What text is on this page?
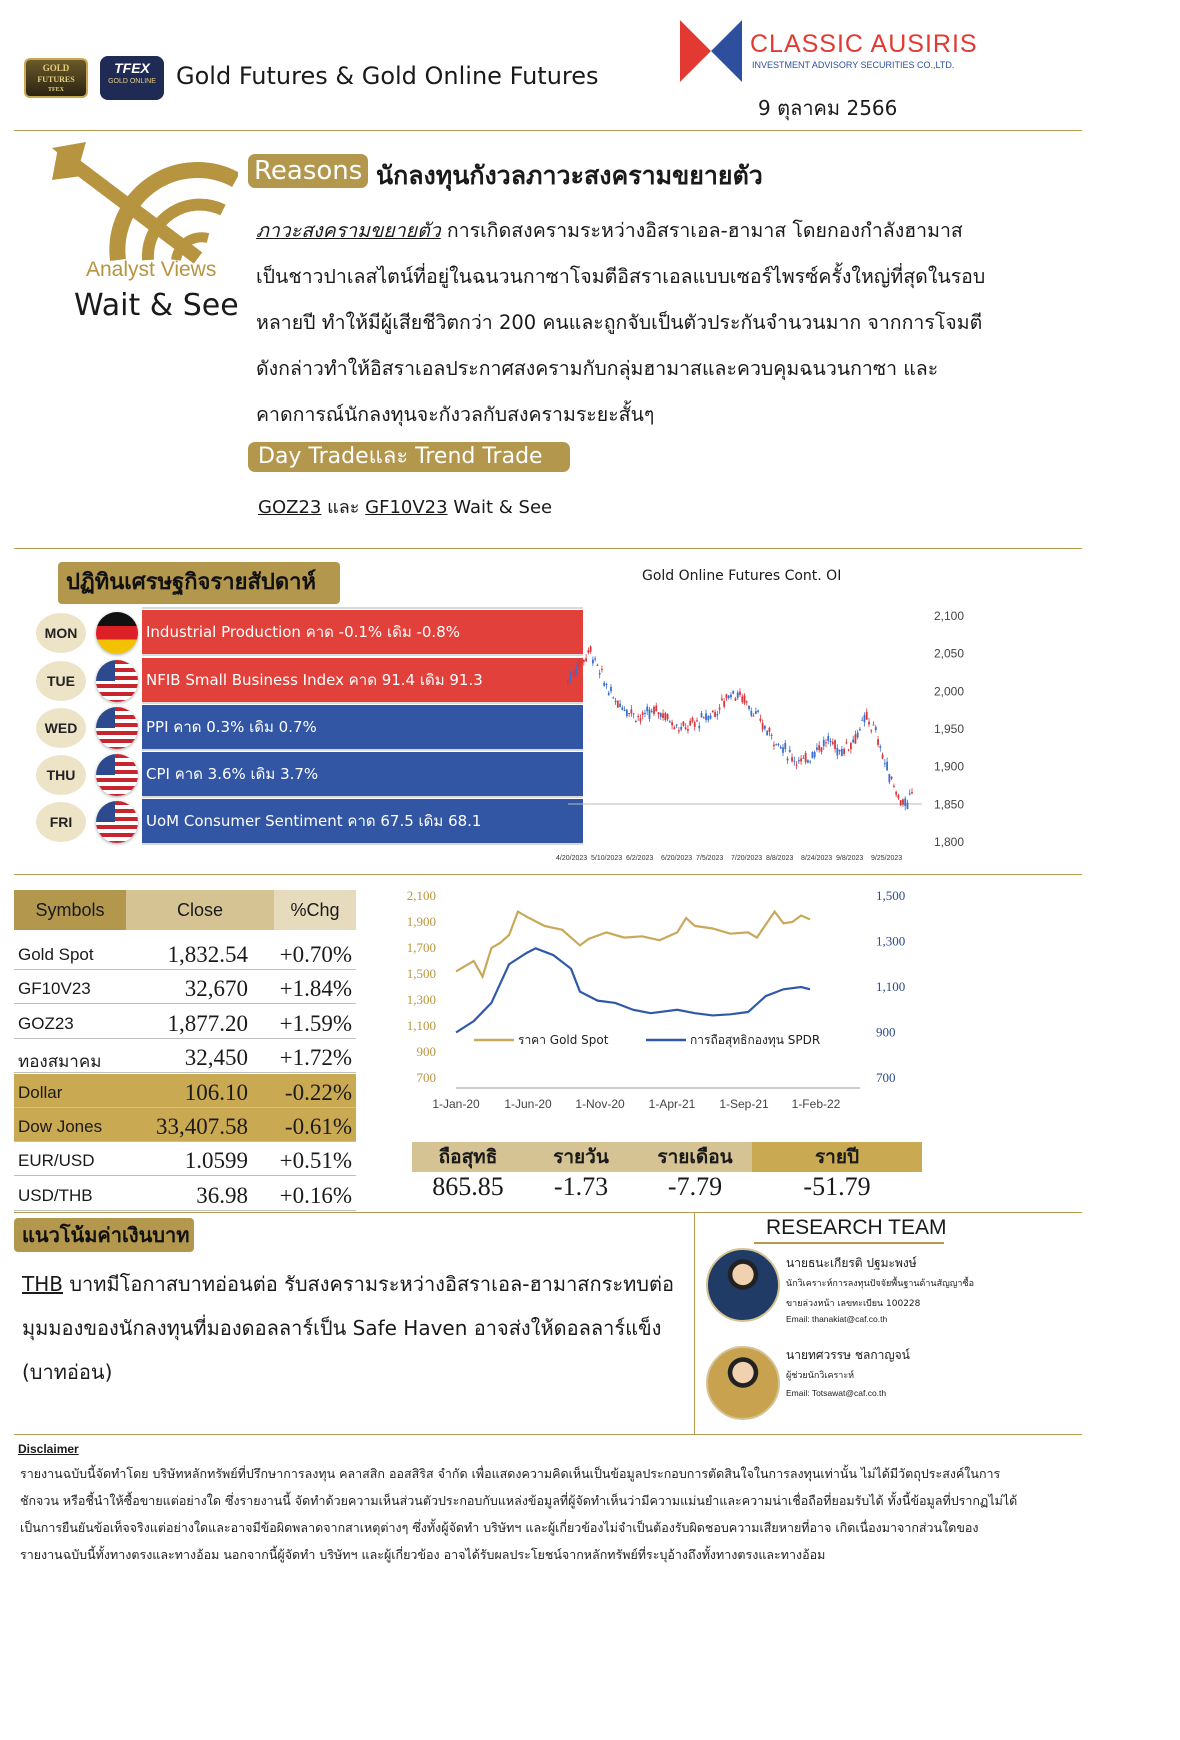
GOLD
FUTURES
TFEX
TFEX
GOLD ONLINE Gold Futures & Gold Online Futures
CLASSIC AUSIRIS
INVESTMENT ADVISORY SECURITIES CO.,LTD.
9 ตุลาคม 2566
Analyst Views
Wait & See
Reasons นักลงทุนกังวลภาวะสงครามขยายตัว
ภาวะสงครามขยายตัว การเกิดสงครามระหว่างอิสราเอล-ฮามาส โดยกองกำลังฮามาส
เป็นชาวปาเลสไตน์ที่อยู่ในฉนวนกาซาโจมตีอิสราเอลแบบเซอร์ไพรซ์ครั้งใหญ่ที่สุดในรอบ
หลายปี ทำให้มีผู้เสียชีวิตกว่า 200 คนและถูกจับเป็นตัวประกันจำนวนมาก จากการโจมตี
ดังกล่าวทำให้อิสราเอลประกาศสงครามกับกลุ่มฮามาสและควบคุมฉนวนกาซา และ
คาดการณ์นักลงทุนจะกังวลกับสงครามระยะสั้นๆ
Day Tradeและ Trend Trade
GOZ23 และ GF10V23 Wait & See
ปฏิทินเศรษฐกิจรายสัปดาห์
MON	Industrial Production คาด -0.1% เดิม -0.8%
TUE	NFIB Small Business Index คาด 91.4 เดิม 91.3
WED	PPI คาด 0.3% เดิม 0.7%
THU	CPI คาด 3.6% เดิม 3.7%
FRI	UoM Consumer Sentiment คาด 67.5 เดิม 68.1
Gold Online Futures Cont. OI
2,100
2,050
2,000
1,950
1,900
1,850
1,800
4/20/2023 5/10/2023 6/2/2023 6/20/2023 7/5/2023 7/20/2023 8/8/2023 8/24/2023 9/8/2023 9/25/2023
Symbols	Close	%Chg
Gold Spot	1,832.54 +0.70%
GF10V23	32,670 +1.84%
GOZ23	1,877.20 +1.59%
ทองสมาคม	32,450 +1.72%
Dollar	106.10 -0.22%
Dow Jones 33,407.58 -0.61%
EUR/USD	1.0599 +0.51%
USD/THB	36.98 +0.16%
2,100
1,900
1,700
1,500
1,300
1,100
900
700
1,500
1,300
1,100
900
700
1-Jan-20 1-Jun-20 1-Nov-20 1-Apr-21 1-Sep-21 1-Feb-22
ราคา Gold Spot	การถือสุทธิกองทุน SPDR
ถือสุทธิ
865.85
รายวัน
-1.73
รายเดือน
-7.79
รายปี
-51.79
แนวโน้มค่าเงินบาท
THB บาทมีโอกาสบาทอ่อนต่อ รับสงครามระหว่างอิสราเอล-ฮามาสกระทบต่อ
มุมมองของนักลงทุนที่มองดอลลาร์เป็น Safe Haven อาจส่งให้ดอลลาร์แข็ง
(บาทอ่อน)
RESEARCH TEAM
นายธนะเกียรติ ปฐมะพงษ์
นักวิเคราะห์การลงทุนปัจจัยพื้นฐานด้านสัญญาซื้อ
ขายล่วงหน้า เลขทะเบียน 100228
Email: thanakiat@caf.co.th
นายทศวรรษ ชลกาญจน์
ผู้ช่วยนักวิเคราะห์
Email: Totsawat@caf.co.th
Disclaimer
รายงานฉบับนี้จัดทำโดย บริษัทหลักทรัพย์ที่ปรึกษาการลงทุน คลาสสิก ออสสิริส จำกัด เพื่อแสดงความคิดเห็นเป็นข้อมูลประกอบการตัดสินใจในการลงทุนเท่านั้น ไม่ได้มีวัตถุประสงค์ในการ
ชักจวน หรือชี้นำให้ซื้อขายแต่อย่างใด ซึ่งรายงานนี้ จัดทำด้วยความเห็นส่วนตัวประกอบกับแหล่งข้อมูลที่ผู้จัดทำเห็นว่ามีความแม่นยำและความน่าเชื่อถือที่ยอมรับได้ ทั้งนี้ข้อมูลที่ปรากฏไม่ได้
เป็นการยืนยันข้อเท็จจริงแต่อย่างใดและอาจมีข้อผิดพลาดจากสาเหตุต่างๆ ซึ่งทั้งผู้จัดทำ บริษัทฯ และผู้เกี่ยวข้องไม่จำเป็นต้องรับผิดชอบความเสียหายที่อาจ เกิดเนื่องมาจากส่วนใดของ
รายงานฉบับนี้ทั้งทางตรงและทางอ้อม นอกจากนี้ผู้จัดทำ บริษัทฯ และผู้เกี่ยวข้อง อาจได้รับผลประโยชน์จากหลักทรัพย์ที่ระบุอ้างถึงทั้งทางตรงและทางอ้อม
